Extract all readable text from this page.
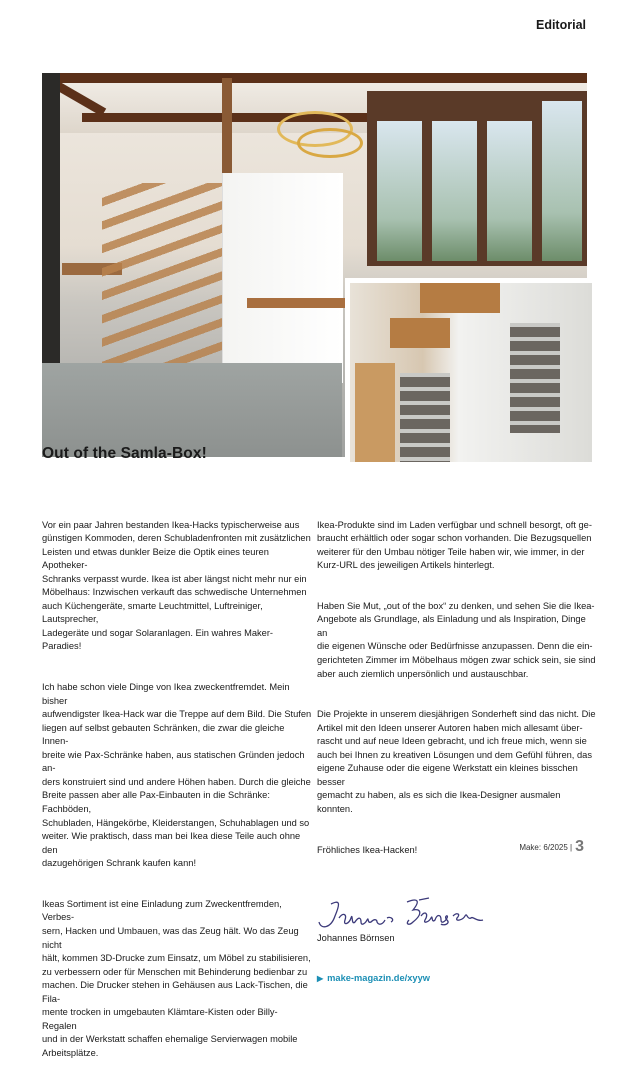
Editorial
Out of the Samla-Box!

Vor ein paar Jahren bestanden Ikea-Hacks typischerweise aus
günstigen Kommoden, deren Schubladenfronten mit zusätzlichen
Leisten und etwas dunkler Beize die Optik eines teuren Apotheker-
Schranks verpasst wurde. Ikea ist aber längst nicht mehr nur ein
Möbelhaus: Inzwischen verkauft das schwedische Unternehmen
auch Küchengeräte, smarte Leuchtmittel, Luftreiniger, Lautsprecher,
Ladegeräte und sogar Solaranlagen. Ein wahres Maker-Paradies!

Ich habe schon viele Dinge von Ikea zweckentfremdet. Mein bisher
aufwendigster Ikea-Hack war die Treppe auf dem Bild. Die Stufen
liegen auf selbst gebauten Schränken, die zwar die gleiche Innen-
breite wie Pax-Schränke haben, aus statischen Gründen jedoch an-
ders konstruiert sind und andere Höhen haben. Durch die gleiche
Breite passen aber alle Pax-Einbauten in die Schränke: Fachböden,
Schubladen, Hängekörbe, Kleiderstangen, Schuhablagen und so
weiter. Wie praktisch, dass man bei Ikea diese Teile auch ohne den
dazugehörigen Schrank kaufen kann!

Ikeas Sortiment ist eine Einladung zum Zweckentfremden, Verbes-
sern, Hacken und Umbauen, was das Zeug hält. Wo das Zeug nicht
hält, kommen 3D-Drucke zum Einsatz, um Möbel zu stabilisieren,
zu verbessern oder für Menschen mit Behinderung bedienbar zu
machen. Die Drucker stehen in Gehäusen aus Lack-Tischen, die Fila-
mente trocken in umgebauten Klämtare-Kisten oder Billy-Regalen
und in der Werkstatt schaffen ehemalige Servierwagen mobile
Arbeitsplätze.

Ikea-Produkte sind im Laden verfügbar und schnell besorgt, oft ge-
braucht erhältlich oder sogar schon vorhanden. Die Bezugsquellen
weiterer für den Umbau nötiger Teile haben wir, wie immer, in der
Kurz-URL des jeweiligen Artikels hinterlegt.

Haben Sie Mut, „out of the box“ zu denken, und sehen Sie die Ikea-
Angebote als Grundlage, als Einladung und als Inspiration, Dinge an
die eigenen Wünsche oder Bedürfnisse anzupassen. Denn die ein-
gerichteten Zimmer im Möbelhaus mögen zwar schick sein, sie sind
aber auch ziemlich unpersönlich und austauschbar.

Die Projekte in unserem diesjährigen Sonderheft sind das nicht. Die
Artikel mit den Ideen unserer Autoren haben mich allesamt über-
rascht und auf neue Ideen gebracht, und ich freue mich, wenn sie
auch bei Ihnen zu kreativen Lösungen und dem Gefühl führen, das
eigene Zuhause oder die eigene Werkstatt ein kleines bisschen besser
gemacht zu haben, als es sich die Ikea-Designer ausmalen konnten.

Fröhliches Ikea-Hacken!

Johannes Börnsen

▶ make-magazin.de/xyyw

Make: 6/2025 | 3
